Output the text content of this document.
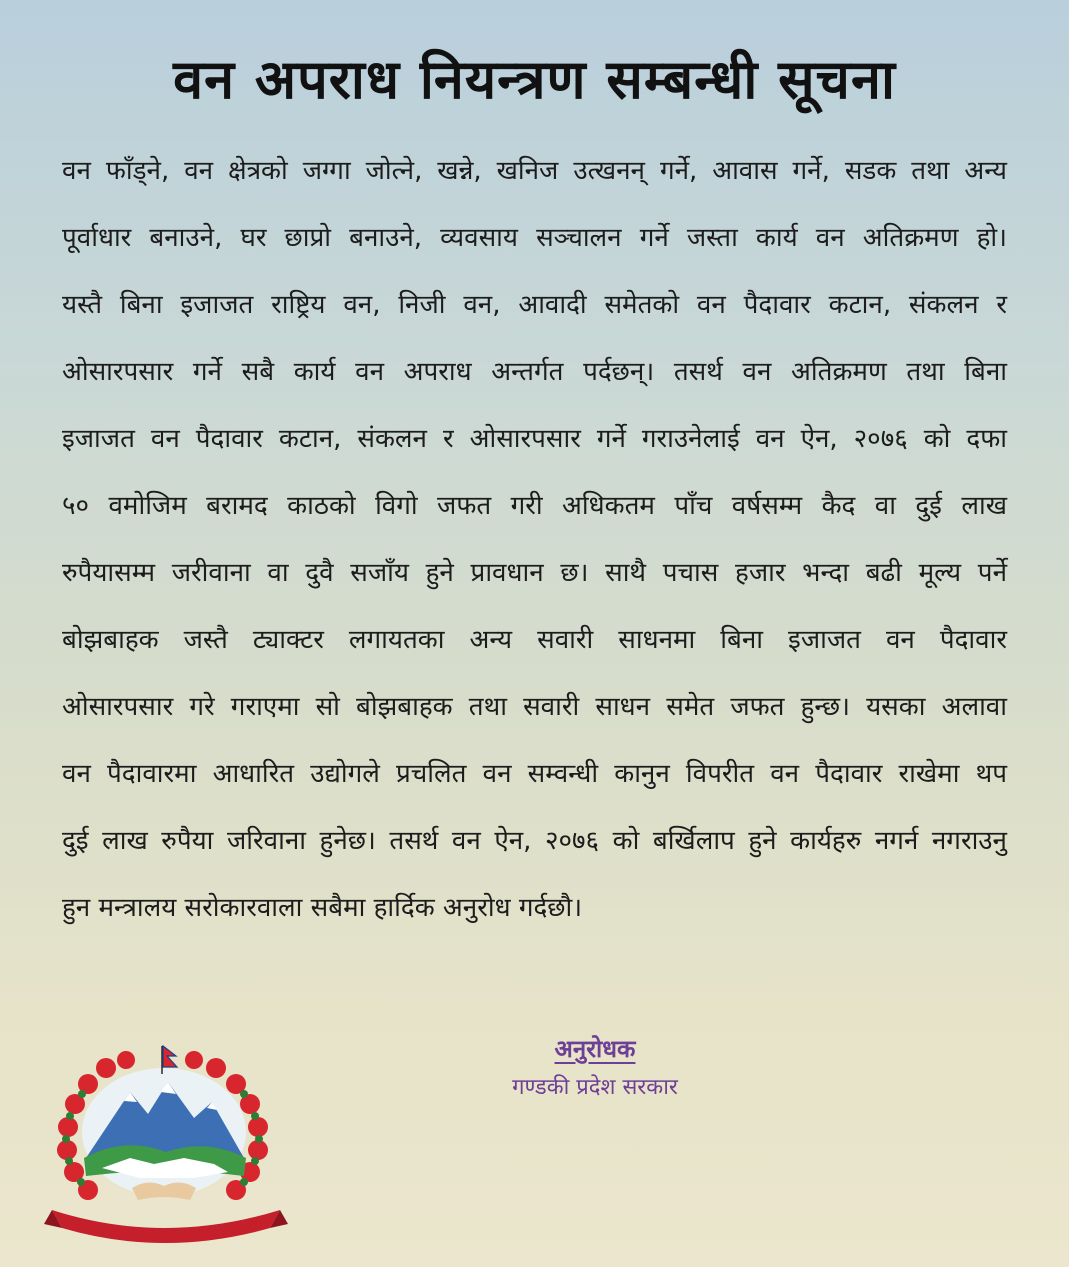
वन अपराध नियन्त्रण सम्बन्धी सूचना
वन फाँड्ने, वन क्षेत्रको जग्गा जोत्ने, खन्ने, खनिज उत्खनन् गर्ने, आवास गर्ने, सडक तथा अन्य
पूर्वाधार बनाउने, घर छाप्रो बनाउने, व्यवसाय सञ्चालन गर्ने जस्ता कार्य वन अतिक्रमण हो।
यस्तै बिना इजाजत राष्ट्रिय वन, निजी वन, आवादी समेतको वन पैदावार कटान, संकलन र
ओसारपसार गर्ने सबै कार्य वन अपराध अन्तर्गत पर्दछन्। तसर्थ वन अतिक्रमण तथा बिना
इजाजत वन पैदावार कटान, संकलन र ओसारपसार गर्ने गराउनेलाई वन ऐन, २०७६ को दफा
५० वमोजिम बरामद काठको विगो जफत गरी अधिकतम पाँच वर्षसम्म कैद वा दुई लाख
रुपैयासम्म जरीवाना वा दुवै सजाँय हुने प्रावधान छ। साथै पचास हजार भन्दा बढी मूल्य पर्ने
बोझबाहक जस्तै ट्याक्टर लगायतका अन्य सवारी साधनमा बिना इजाजत वन पैदावार
ओसारपसार गरे गराएमा सो बोझबाहक तथा सवारी साधन समेत जफत हुन्छ। यसका अलावा
वन पैदावारमा आधारित उद्योगले प्रचलित वन सम्वन्धी कानुन विपरीत वन पैदावार राखेमा थप
दुई लाख रुपैया जरिवाना हुनेछ। तसर्थ वन ऐन, २०७६ को बर्खिलाप हुने कार्यहरु नगर्न नगराउनु
हुन मन्त्रालय सरोकारवाला सबैमा हार्दिक अनुरोध गर्दछौ।
अनुरोधक
गण्डकी प्रदेश सरकार
